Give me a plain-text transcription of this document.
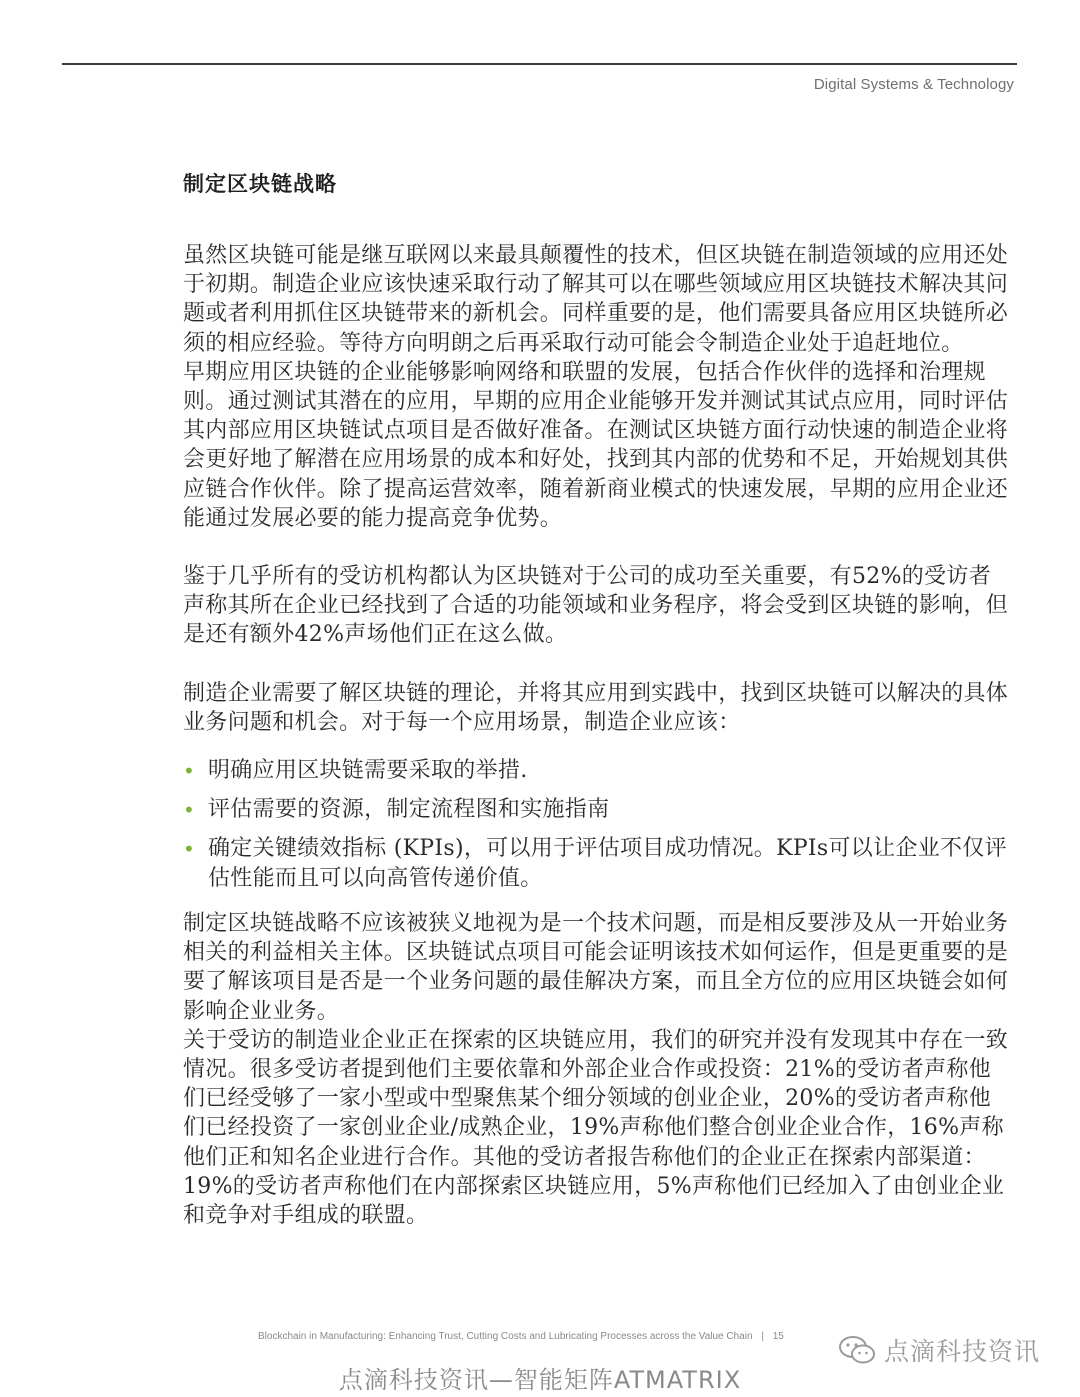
Digital Systems & Technology
制定区块链战略

虽然区块链可能是继互联网以来最具颠覆性的技术，但区块链在制造领域的应用还处于初期。制造企业应该快速采取行动了解其可以在哪些领域应用区块链技术解决其问题或者利用抓住区块链带来的新机会。同样重要的是，他们需要具备应用区块链所必须的相应经验。等待方向明朗之后再采取行动可能会令制造企业处于追赶地位。

早期应用区块链的企业能够影响网络和联盟的发展，包括合作伙伴的选择和治理规则。通过测试其潜在的应用，早期的应用企业能够开发并测试其试点应用，同时评估其内部应用区块链试点项目是否做好准备。在测试区块链方面行动快速的制造企业将会更好地了解潜在应用场景的成本和好处，找到其内部的优势和不足，开始规划其供应链合作伙伴。除了提高运营效率，随着新商业模式的快速发展，早期的应用企业还能通过发展必要的能力提高竞争优势。

鉴于几乎所有的受访机构都认为区块链对于公司的成功至关重要，有52%的受访者声称其所在企业已经找到了合适的功能领域和业务程序，将会受到区块链的影响，但是还有额外42%声场他们正在这么做。

制造企业需要了解区块链的理论，并将其应用到实践中，找到区块链可以解决的具体业务问题和机会。对于每一个应用场景，制造企业应该：

• 明确应用区块链需要采取的举措.
• 评估需要的资源，制定流程图和实施指南
• 确定关键绩效指标 (KPIs)，可以用于评估项目成功情况。KPIs可以让企业不仅评估性能而且可以向高管传递价值。

制定区块链战略不应该被狭义地视为是一个技术问题，而是相反要涉及从一开始业务相关的利益相关主体。区块链试点项目可能会证明该技术如何运作，但是更重要的是要了解该项目是否是一个业务问题的最佳解决方案，而且全方位的应用区块链会如何影响企业业务。

关于受访的制造业企业正在探索的区块链应用，我们的研究并没有发现其中存在一致情况。很多受访者提到他们主要依靠和外部企业合作或投资：21%的受访者声称他们已经受够了一家小型或中型聚焦某个细分领域的创业企业，20%的受访者声称他们已经投资了一家创业企业/成熟企业，19%声称他们整合创业企业合作，16%声称他们正和知名企业进行合作。其他的受访者报告称他们的企业正在探索内部渠道：19%的受访者声称他们在内部探索区块链应用，5%声称他们已经加入了由创业企业和竞争对手组成的联盟。

Blockchain in Manufacturing: Enhancing Trust, Cutting Costs and Lubricating Processes across the Value Chain | 15
点滴科技资讯
点滴科技资讯—智能矩阵ATMATRIX
